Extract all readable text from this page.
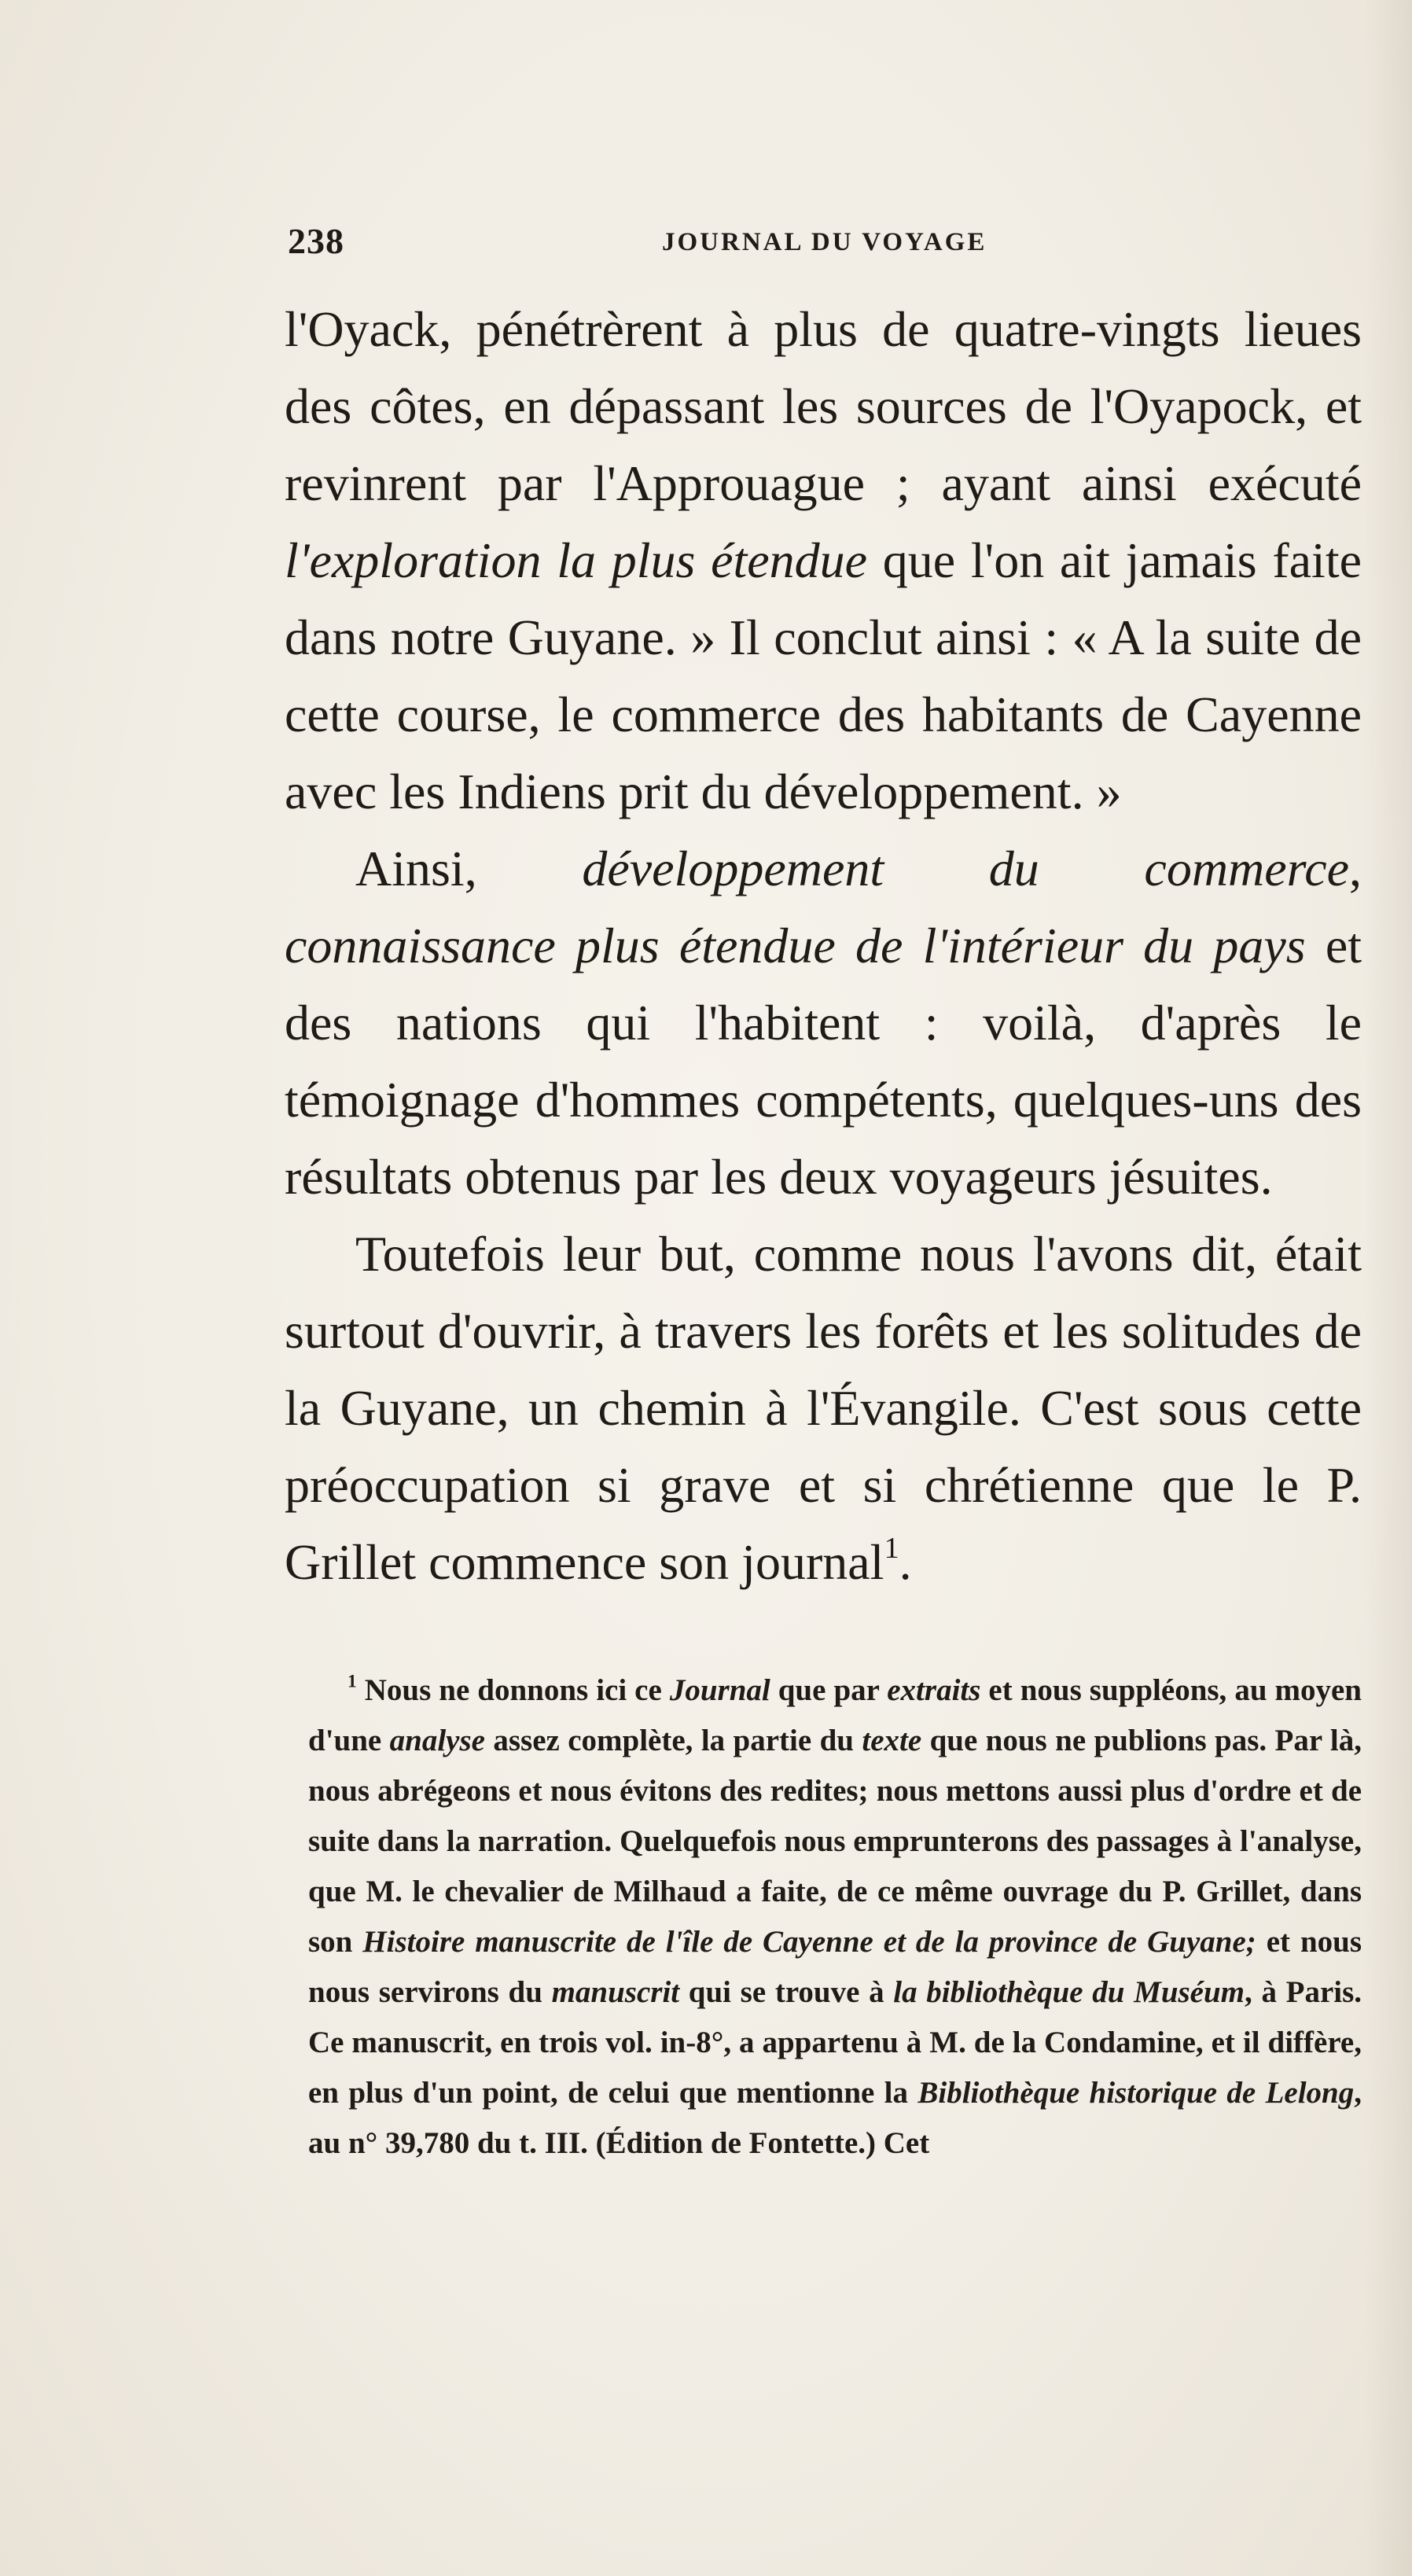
238	JOURNAL DU VOYAGE

l'Oyack, pénétrèrent à plus de quatre-vingts lieues des côtes, en dépassant les sources de l'Oyapock, et revinrent par l'Approuague ; ayant ainsi exécuté l'exploration la plus étendue que l'on ait jamais faite dans notre Guyane. » Il conclut ainsi : « A la suite de cette course, le commerce des habitants de Cayenne avec les Indiens prit du développement. »

Ainsi, développement du commerce, connaissance plus étendue de l'intérieur du pays et des nations qui l'habitent : voilà, d'après le témoignage d'hommes compétents, quelques-uns des résultats obtenus par les deux voyageurs jésuites.

Toutefois leur but, comme nous l'avons dit, était surtout d'ouvrir, à travers les forêts et les solitudes de la Guyane, un chemin à l'Évangile. C'est sous cette préoccupation si grave et si chrétienne que le P. Grillet commence son journal$^1$.

$^1$ Nous ne donnons ici ce Journal que par extraits et nous suppléons, au moyen d'une analyse assez complète, la partie du texte que nous ne publions pas. Par là, nous abrégeons et nous évitons des redites; nous mettons aussi plus d'ordre et de suite dans la narration. Quelquefois nous emprunterons des passages à l'analyse, que M. le chevalier de Milhaud a faite, de ce même ouvrage du P. Grillet, dans son Histoire manuscrite de l'île de Cayenne et de la province de Guyane; et nous nous servirons du manuscrit qui se trouve à la bibliothèque du Muséum, à Paris. Ce manuscrit, en trois vol. in-8°, a appartenu à M. de la Condamine, et il diffère, en plus d'un point, de celui que mentionne la Bibliothèque historique de Lelong, au n° 39,780 du t. III. (Édition de Fontette.) Cet
